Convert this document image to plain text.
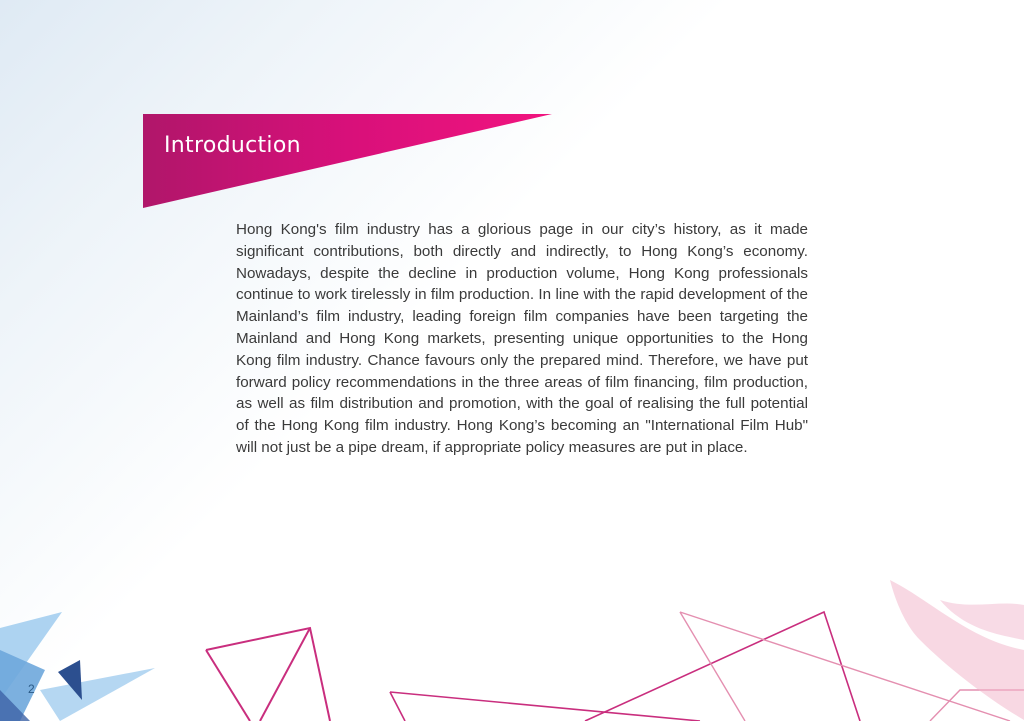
Introduction

Hong Kong's film industry has a glorious page in our city’s history, as it made significant contributions, both directly and indirectly, to Hong Kong’s economy. Nowadays, despite the decline in production volume, Hong Kong professionals continue to work tirelessly in film production. In line with the rapid development of the Mainland’s film industry, leading foreign film companies have been targeting the Mainland and Hong Kong markets, presenting unique opportunities to the Hong Kong film industry. Chance favours only the prepared mind. Therefore, we have put forward policy recommendations in the three areas of film financing, film production, as well as film distribution and promotion, with the goal of realising the full potential of the Hong Kong film industry. Hong Kong’s becoming an "International Film Hub" will not just be a pipe dream, if appropriate policy measures are put in place.

2
